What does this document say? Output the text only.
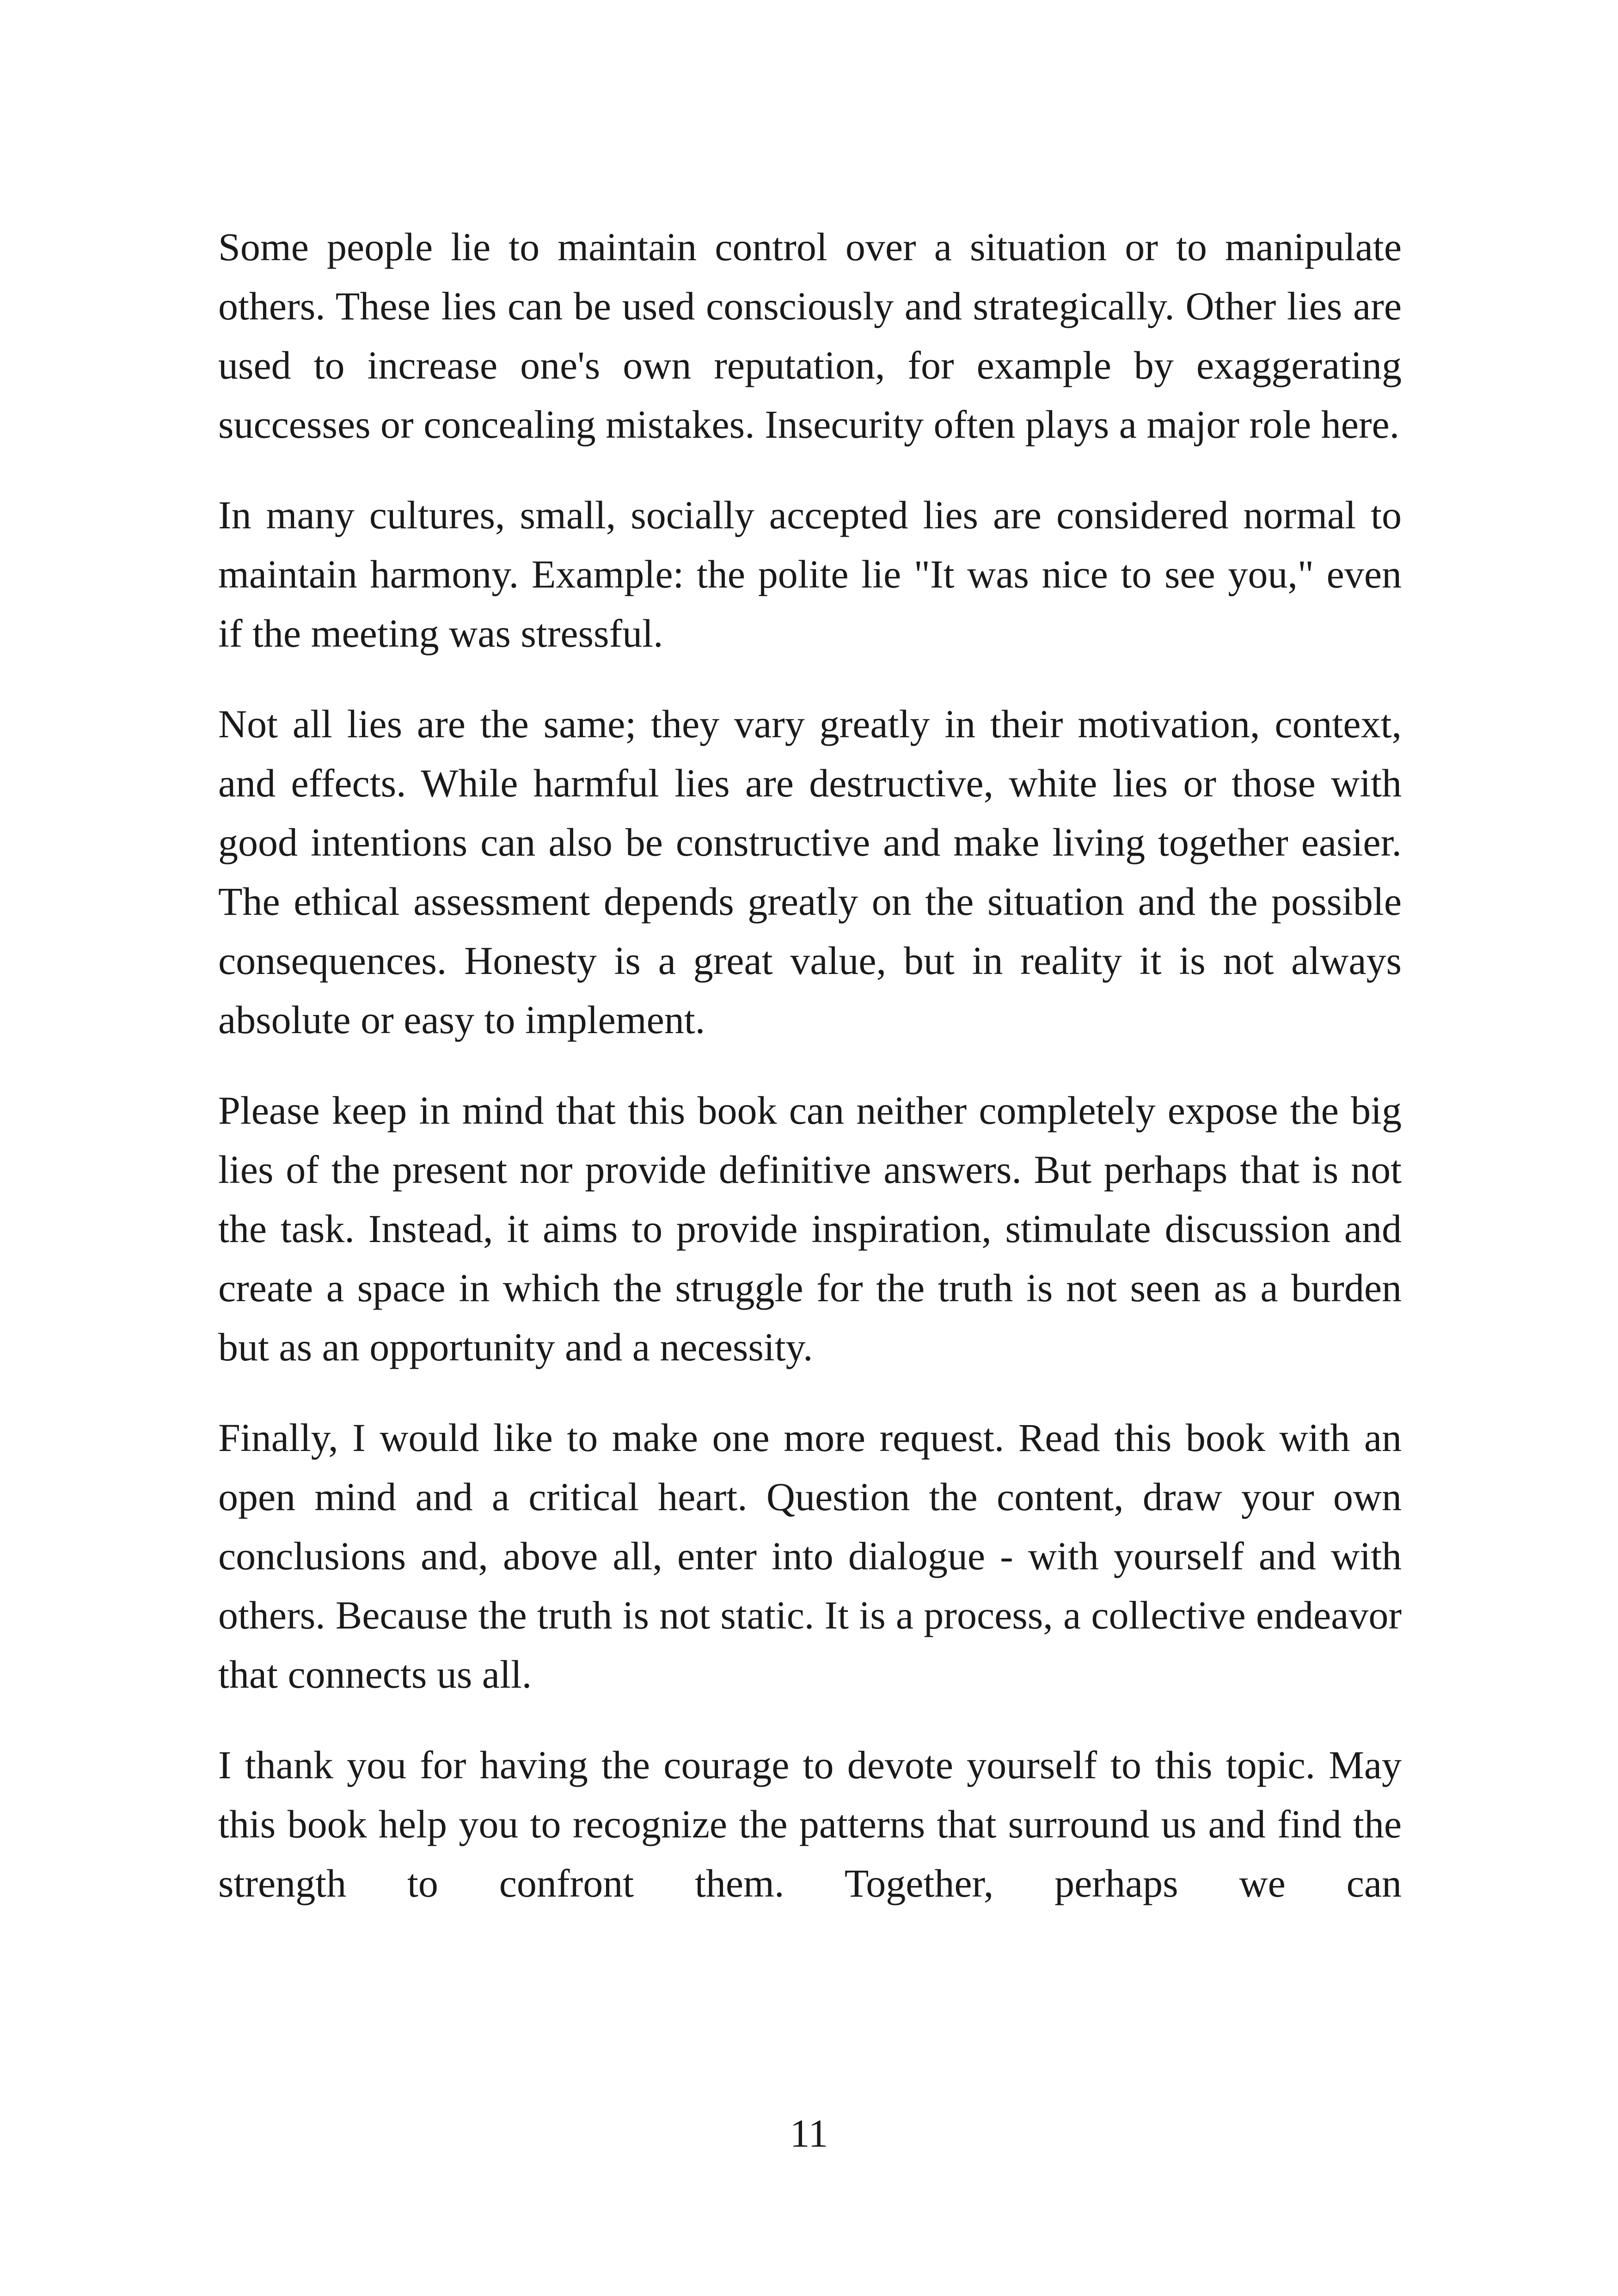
Some people lie to maintain control over a situation or to manipulate others. These lies can be used consciously and strategically. Other lies are used to increase one's own reputation, for example by exaggerating successes or concealing mistakes. Insecurity often plays a major role here.

In many cultures, small, socially accepted lies are considered normal to maintain harmony. Example: the polite lie "It was nice to see you," even if the meeting was stressful.

Not all lies are the same; they vary greatly in their motivation, context, and effects. While harmful lies are destructive, white lies or those with good intentions can also be constructive and make living together easier. The ethical assessment depends greatly on the situation and the possible consequences. Honesty is a great value, but in reality it is not always absolute or easy to implement.

Please keep in mind that this book can neither completely expose the big lies of the present nor provide definitive answers. But perhaps that is not the task. Instead, it aims to provide inspiration, stimulate discussion and create a space in which the struggle for the truth is not seen as a burden but as an opportunity and a necessity.

Finally, I would like to make one more request. Read this book with an open mind and a critical heart. Question the content, draw your own conclusions and, above all, enter into dialogue - with yourself and with others. Because the truth is not static. It is a process, a collective endeavor that connects us all.

I thank you for having the courage to devote yourself to this topic. May this book help you to recognize the patterns that surround us and find the strength to confront them. Together, perhaps we can

11
